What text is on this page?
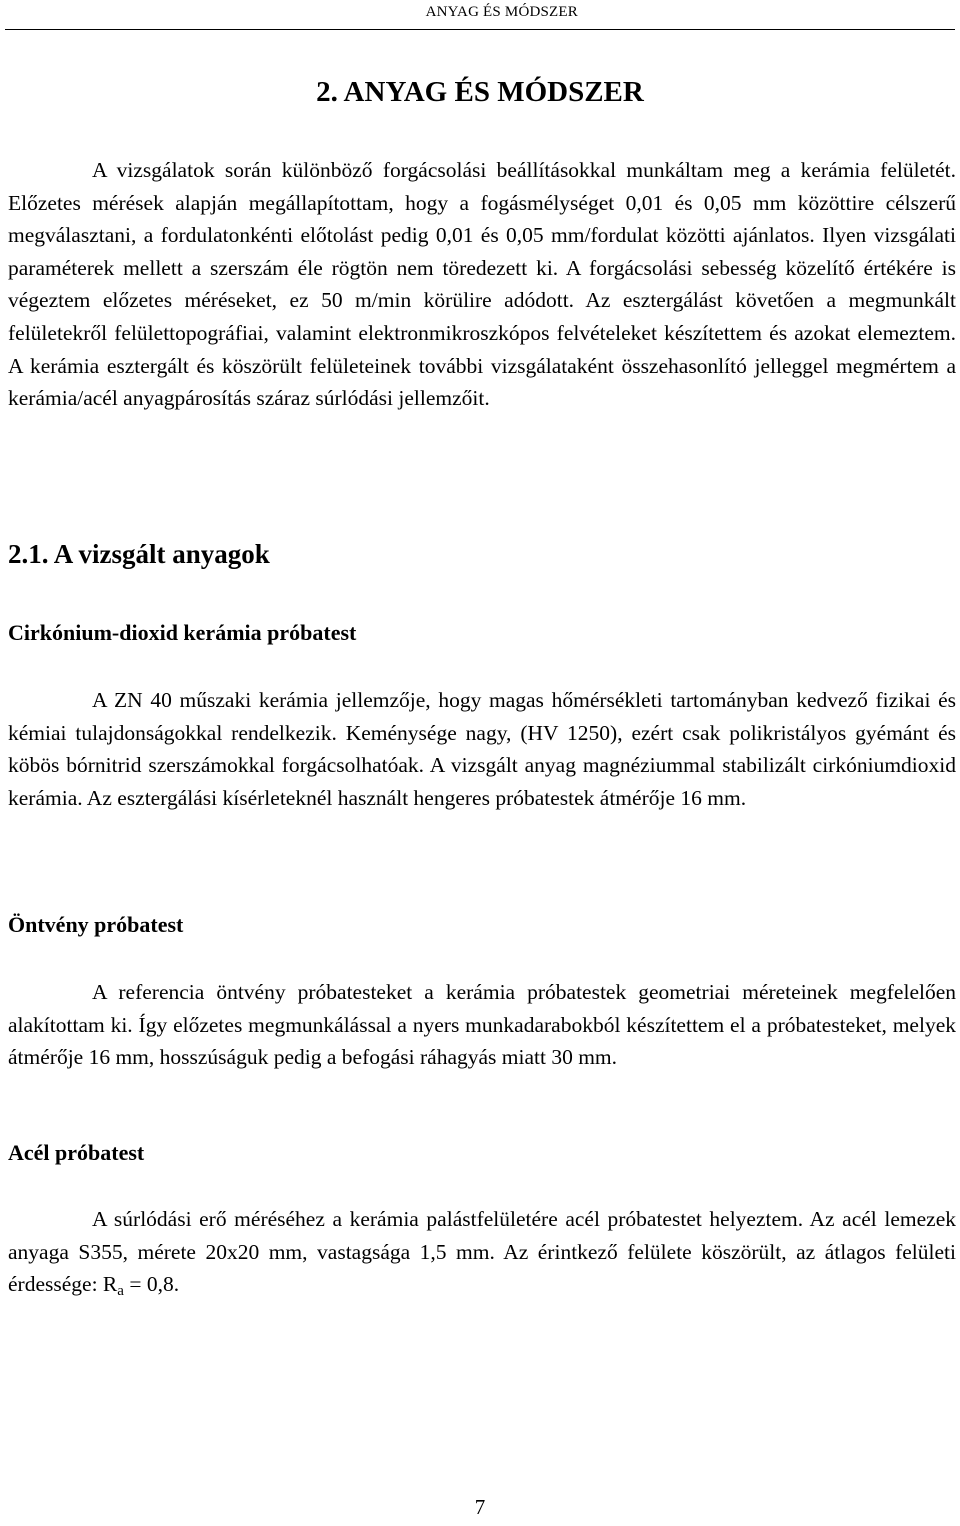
ANYAG ÉS MÓDSZER
2. ANYAG ÉS MÓDSZER

A vizsgálatok során különböző forgácsolási beállításokkal munkáltam meg a kerámia felületét. Előzetes mérések alapján megállapítottam, hogy a fogásmélységet 0,01 és 0,05 mm közöttire célszerű megválasztani, a fordulatonkénti előtolást pedig 0,01 és 0,05 mm/fordulat közötti ajánlatos. Ilyen vizsgálati paraméterek mellett a szerszám éle rögtön nem töredezett ki. A forgácsolási sebesség közelítő értékére is végeztem előzetes méréseket, ez 50 m/min körülire adódott. Az esztergálást követően a megmunkált felületekről felülettopográfiai, valamint elektronmikroszkópos felvételeket készítettem és azokat elemeztem. A kerámia esztergált és köszörült felületeinek további vizsgálataként összehasonlító jelleggel megmértem a kerámia/acél anyagpárosítás száraz súrlódási jellemzőit.

2.1. A vizsgált anyagok
Cirkónium-dioxid kerámia próbatest

A ZN 40 műszaki kerámia jellemzője, hogy magas hőmérsékleti tartományban kedvező fizikai és kémiai tulajdonságokkal rendelkezik. Keménysége nagy, (HV 1250), ezért csak polikristályos gyémánt és köbös bórnitrid szerszámokkal forgácsolhatóak. A vizsgált anyag magnéziummal stabilizált cirkóniumdioxid kerámia. Az esztergálási kísérleteknél használt hengeres próbatestek átmérője 16 mm.

Öntvény próbatest

A referencia öntvény próbatesteket a kerámia próbatestek geometriai méreteinek megfelelően alakítottam ki. Így előzetes megmunkálással a nyers munkadarabokból készítettem el a próbatesteket, melyek átmérője 16 mm, hosszúságuk pedig a befogási ráhagyás miatt 30 mm.

Acél próbatest

A súrlódási erő méréséhez a kerámia palástfelületére acél próbatestet helyeztem. Az acél lemezek anyaga S355, mérete 20x20 mm, vastagsága 1,5 mm. Az érintkező felülete köszörült, az átlagos felületi érdessége: $R_a = 0,8$.

7
